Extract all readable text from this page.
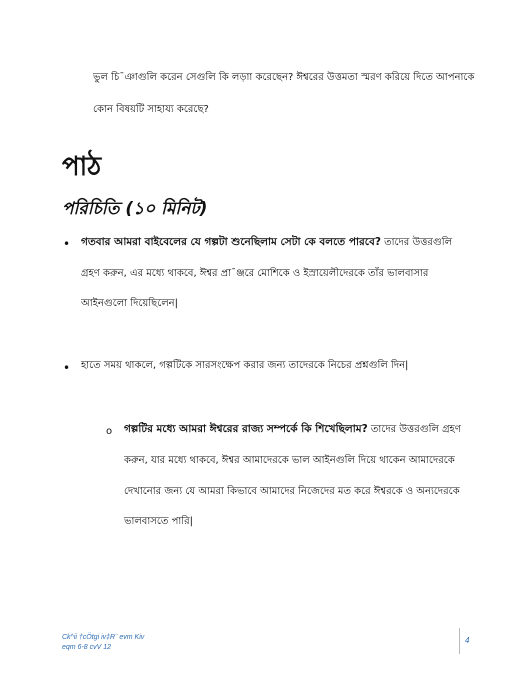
ভুল চি¯ঞাগুলি করেন সেগুলি কি লড়াা করেছেন? ঈশ্বরের উত্তমতা স্মরণ করিয়ে দিতে আপনাকে
কোন বিষয়টি সাহায্য করেছে?
পাঠ
পরিচিতি (১০ মিনিট)
• গতবার আমরা বাইবেলের যে গল্পটা শুনেছিলাম সেটা কে বলতে পারবে? তাদের উত্তরগুলি
গ্রহণ করুন, এর মধ্যে থাকবে, ঈশ্বর প্রা¯ঞ্জরে মোশিকে ও ইস্রায়েলীদেরকে তাঁর ভালবাসার
আইনগুলো দিয়েছিলেন|
• হাতে সময় থাকলে, গল্পটিকে সারসংক্ষেপ করার জন্য তাদেরকে নিচের প্রশ্নগুলি দিন|
o গল্পটির মধ্যে আমরা ঈশ্বরের রাজ্য সম্পর্কে কি শিখেছিলাম? তাদের উত্তরগুলি গ্রহণ
করুন, যার মধ্যে থাকবে, ঈশ্বর আমাদেরকে ভাল আইনগুলি দিয়ে থাকেন আমাদেরকে
দেখানোর জন্য যে আমরা কিভাবে আমাদের নিজেদের মত করে ঈশ্বরকে ও অন্যদেরকে
ভালবাসতে পারি|
Ck^ii †cÖtgi iv‡R¨ evm Kiv
eqm 6-8 cvV 12
4
